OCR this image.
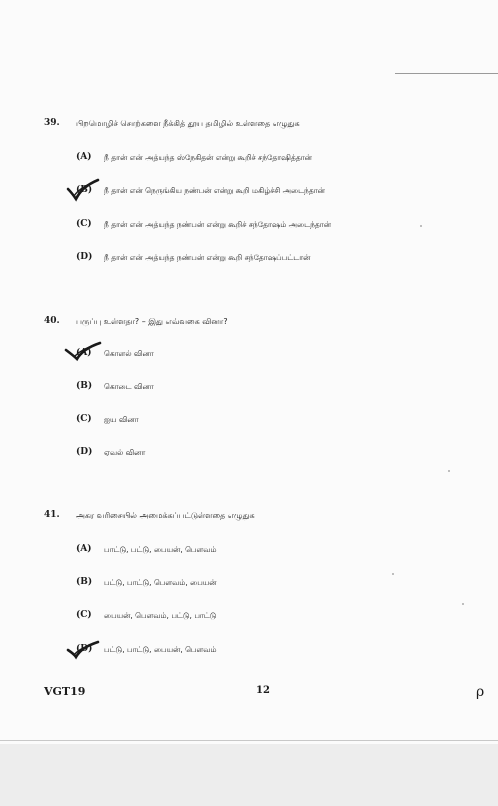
39. பிறமொழிச் சொற்களை நீக்கித் தூய தமிழில் உள்ளதை எழுதுக
(A) நீ தான் என் அத்யந்த ஸ்நேகிதன் என்று கூறிச் சந்தோஷித்தான்
(B) நீ தான் என் நெருங்கிய நண்பன் என்று கூறி மகிழ்ச்சி அடைந்தான்
(C) நீ தான் என் அத்யந்த நண்பன் என்று கூறிச் சந்தோஷம் அடைந்தான்
(D) நீ தான் என் அத்யந்த நண்பன் என்று கூறி சந்தோஷப்பட்டான்
40. பருப்பு உள்ளதா? – இது எவ்வகை வினா?
(A) கொளல் வினா
(B) கொடை வினா
(C) ஐய வினா
(D) ஏவல் வினா
41. அகர வரிசையில் அமைக்கப்பட்டுள்ளதை எழுதுக
(A) பாட்டு, பட்டு, பையன், பௌவம்
(B) பட்டு, பாட்டு, பௌவம், பையன்
(C) பையன், பௌவம், பட்டு, பாட்டு
(D) பட்டு, பாட்டு, பையன், பௌவம்
VGT19	12	ρ
